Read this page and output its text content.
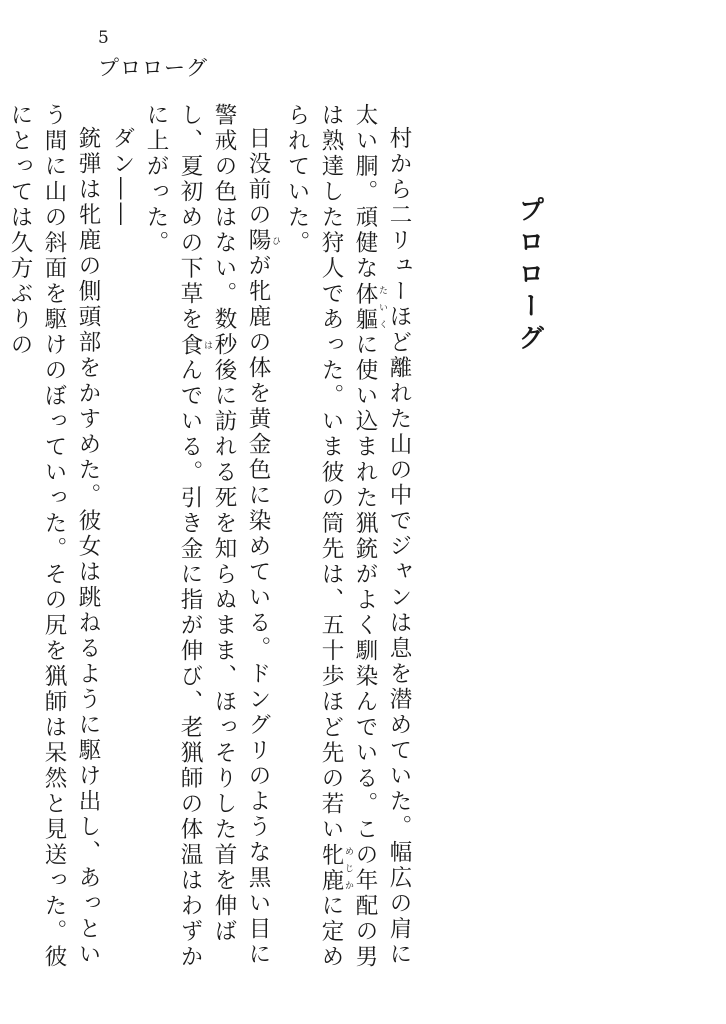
5
プロローグ
プロローグ

村から二リューほど離れた山の中でジャンは息を潜めていた。幅広の肩に太い胴。頑健な体軀 たいくに使い込まれた猟銃がよく馴染んでいる。この年配の男は熟達した狩人であった。いま彼の筒先は、五十歩ほど先の若い牝鹿 めじかに定められていた。

日没前の陽 ひが牝鹿の体を黄金色に染めている。ドングリのような黒い目に警戒の色はない。数秒後に訪れる死を知らぬまま、ほっそりした首を伸ばし、夏初めの下草を食 はんでいる。引き金に指が伸び、老猟師の体温はわずかに上がった。

ダン――

銃弾は牝鹿の側頭部をかすめた。彼女は跳ねるように駆け出し、あっという間に山の斜面を駆けのぼっていった。その尻を猟師は呆然と見送った。彼にとっては久方ぶりの
